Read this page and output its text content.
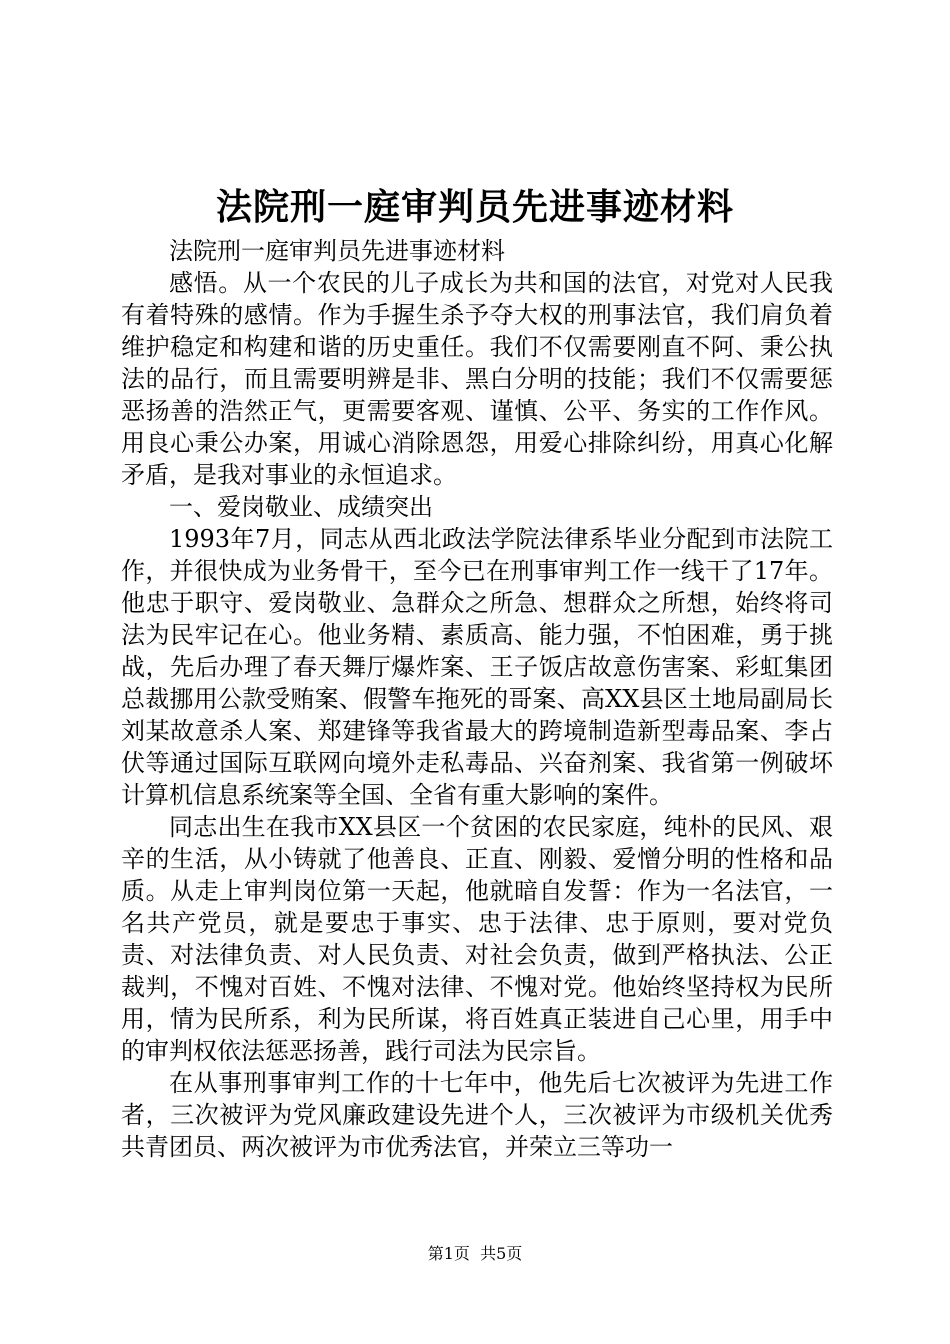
法院刑一庭审判员先进事迹材料

法院刑一庭审判员先进事迹材料

感悟。从一个农民的儿子成长为共和国的法官，对党对人民我有着特殊的感情。作为手握生杀予夺大权的刑事法官，我们肩负着维护稳定和构建和谐的历史重任。我们不仅需要刚直不阿、秉公执法的品行，而且需要明辨是非、黑白分明的技能；我们不仅需要惩恶扬善的浩然正气，更需要客观、谨慎、公平、务实的工作作风。用良心秉公办案，用诚心消除恩怨，用爱心排除纠纷，用真心化解矛盾，是我对事业的永恒追求。

一、爱岗敬业、成绩突出

1993年7月，同志从西北政法学院法律系毕业分配到市法院工作，并很快成为业务骨干，至今已在刑事审判工作一线干了17年。他忠于职守、爱岗敬业、急群众之所急、想群众之所想，始终将司法为民牢记在心。他业务精、素质高、能力强，不怕困难，勇于挑战，先后办理了春天舞厅爆炸案、王子饭店故意伤害案、彩虹集团总裁挪用公款受贿案、假警车拖死的哥案、高XX县区土地局副局长刘某故意杀人案、郑建锋等我省最大的跨境制造新型毒品案、李占伏等通过国际互联网向境外走私毒品、兴奋剂案、我省第一例破坏计算机信息系统案等全国、全省有重大影响的案件。

同志出生在我市XX县区一个贫困的农民家庭，纯朴的民风、艰辛的生活，从小铸就了他善良、正直、刚毅、爱憎分明的性格和品质。从走上审判岗位第一天起，他就暗自发誓：作为一名法官，一名共产党员，就是要忠于事实、忠于法律、忠于原则，要对党负责、对法律负责、对人民负责、对社会负责，做到严格执法、公正裁判，不愧对百姓、不愧对法律、不愧对党。他始终坚持权为民所用，情为民所系，利为民所谋，将百姓真正装进自己心里，用手中的审判权依法惩恶扬善，践行司法为民宗旨。

在从事刑事审判工作的十七年中，他先后七次被评为先进工作者，三次被评为党风廉政建设先进个人，三次被评为市级机关优秀共青团员、两次被评为市优秀法官，并荣立三等功一

第1页 共5页
